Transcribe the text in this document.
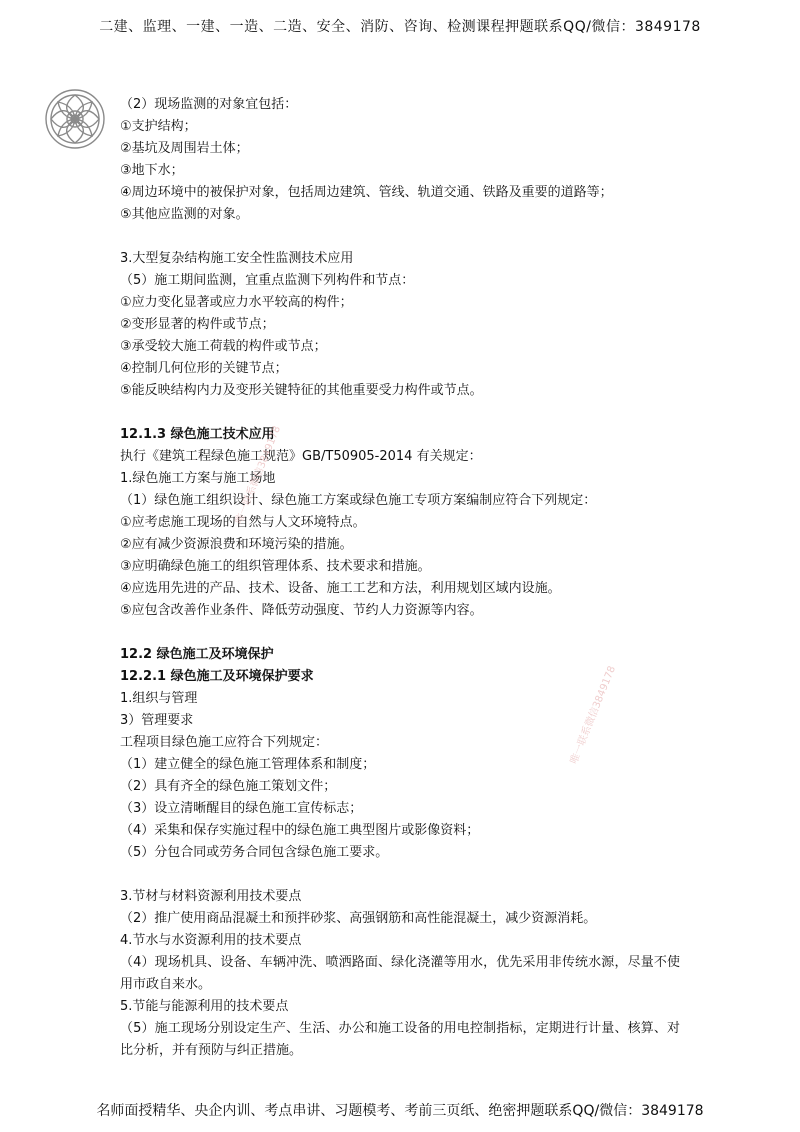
二建、监理、一建、一造、二造、安全、消防、咨询、检测课程押题联系QQ/微信：3849178
（2）现场监测的对象宜包括：
①支护结构；
②基坑及周围岩土体；
③地下水；
④周边环境中的被保护对象，包括周边建筑、管线、轨道交通、铁路及重要的道路等；
⑤其他应监测的对象。
3.大型复杂结构施工安全性监测技术应用
（5）施工期间监测，宜重点监测下列构件和节点：
①应力变化显著或应力水平较高的构件；
②变形显著的构件或节点；
③承受较大施工荷载的构件或节点；
④控制几何位形的关键节点；
⑤能反映结构内力及变形关键特征的其他重要受力构件或节点。
12.1.3 绿色施工技术应用
执行《建筑工程绿色施工规范》GB/T50905-2014 有关规定：
1.绿色施工方案与施工场地
（1）绿色施工组织设计、绿色施工方案或绿色施工专项方案编制应符合下列规定：
①应考虑施工现场的自然与人文环境特点。
②应有减少资源浪费和环境污染的措施。
③应明确绿色施工的组织管理体系、技术要求和措施。
④应选用先进的产品、技术、设备、施工工艺和方法，利用规划区域内设施。
⑤应包含改善作业条件、降低劳动强度、节约人力资源等内容。
12.2 绿色施工及环境保护
12.2.1 绿色施工及环境保护要求
1.组织与管理
3）管理要求
工程项目绿色施工应符合下列规定：
（1）建立健全的绿色施工管理体系和制度；
（2）具有齐全的绿色施工策划文件；
（3）设立清晰醒目的绿色施工宣传标志；
（4）采集和保存实施过程中的绿色施工典型图片或影像资料；
（5）分包合同或劳务合同包含绿色施工要求。
3.节材与材料资源利用技术要点
（2）推广使用商品混凝土和预拌砂浆、高强钢筋和高性能混凝土，减少资源消耗。
4.节水与水资源利用的技术要点
（4）现场机具、设备、车辆冲洗、喷洒路面、绿化浇灌等用水，优先采用非传统水源，尽量不使用市政自来水。
5.节能与能源利用的技术要点
（5）施工现场分别设定生产、生活、办公和施工设备的用电控制指标，定期进行计量、核算、对比分析，并有预防与纠正措施。
唯一联系微信3849178
唯一联系微信3849178
名师面授精华、央企内训、考点串讲、习题模考、考前三页纸、绝密押题联系QQ/微信：3849178
